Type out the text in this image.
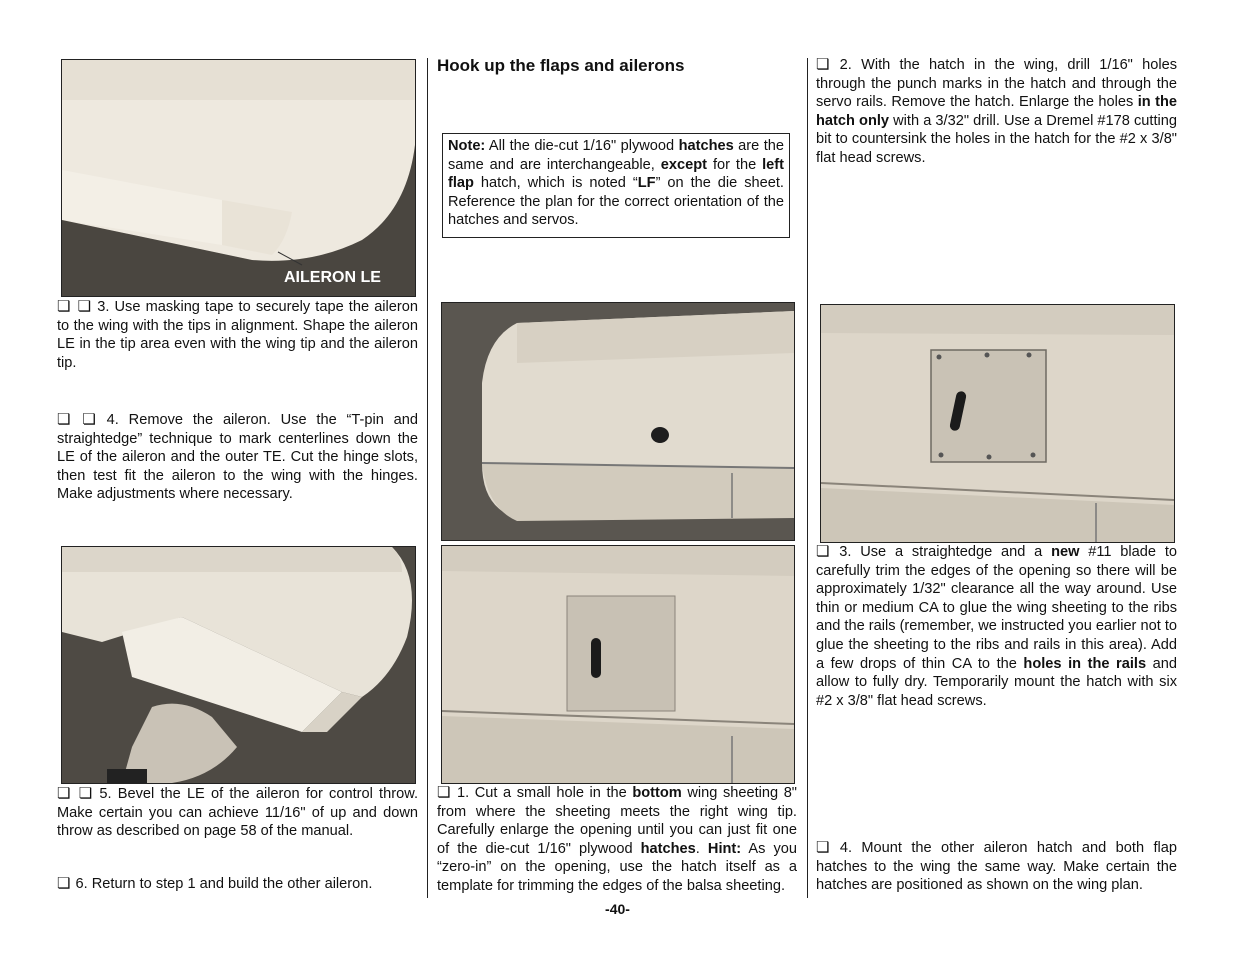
AILERON LE

❏ ❏ 3. Use masking tape to securely tape the aileron to the wing with the tips in alignment. Shape the aileron LE in the tip area even with the wing tip and the aileron tip.

❏ ❏ 4. Remove the aileron. Use the “T-pin and straightedge” technique to mark centerlines down the LE of the aileron and the outer TE. Cut the hinge slots, then test fit the aileron to the wing with the hinges. Make adjustments where necessary.

❏ ❏ 5. Bevel the LE of the aileron for control throw. Make certain you can achieve 11/16" of up and down throw as described on page 58 of the manual.

❏ 6. Return to step 1 and build the other aileron.

Hook up the flaps and ailerons

Note: All the die-cut 1/16" plywood hatches are the same and are interchangeable, except for the left flap hatch, which is noted “LF” on the die sheet. Reference the plan for the correct orientation of the hatches and servos.

❏ 1. Cut a small hole in the bottom wing sheeting 8" from where the sheeting meets the right wing tip. Carefully enlarge the opening until you can just fit one of the die-cut 1/16" plywood hatches. Hint: As you “zero-in” on the opening, use the hatch itself as a template for trimming the edges of the balsa sheeting.

-40-

❏ 2. With the hatch in the wing, drill 1/16" holes through the punch marks in the hatch and through the servo rails. Remove the hatch. Enlarge the holes in the hatch only with a 3/32" drill. Use a Dremel #178 cutting bit to countersink the holes in the hatch for the #2 x 3/8" flat head screws.

❏ 3. Use a straightedge and a new #11 blade to carefully trim the edges of the opening so there will be approximately 1/32" clearance all the way around. Use thin or medium CA to glue the wing sheeting to the ribs and the rails (remember, we instructed you earlier not to glue the sheeting to the ribs and rails in this area). Add a few drops of thin CA to the holes in the rails and allow to fully dry. Temporarily mount the hatch with six #2 x 3/8" flat head screws.

❏ 4. Mount the other aileron hatch and both flap hatches to the wing the same way. Make certain the hatches are positioned as shown on the wing plan.
